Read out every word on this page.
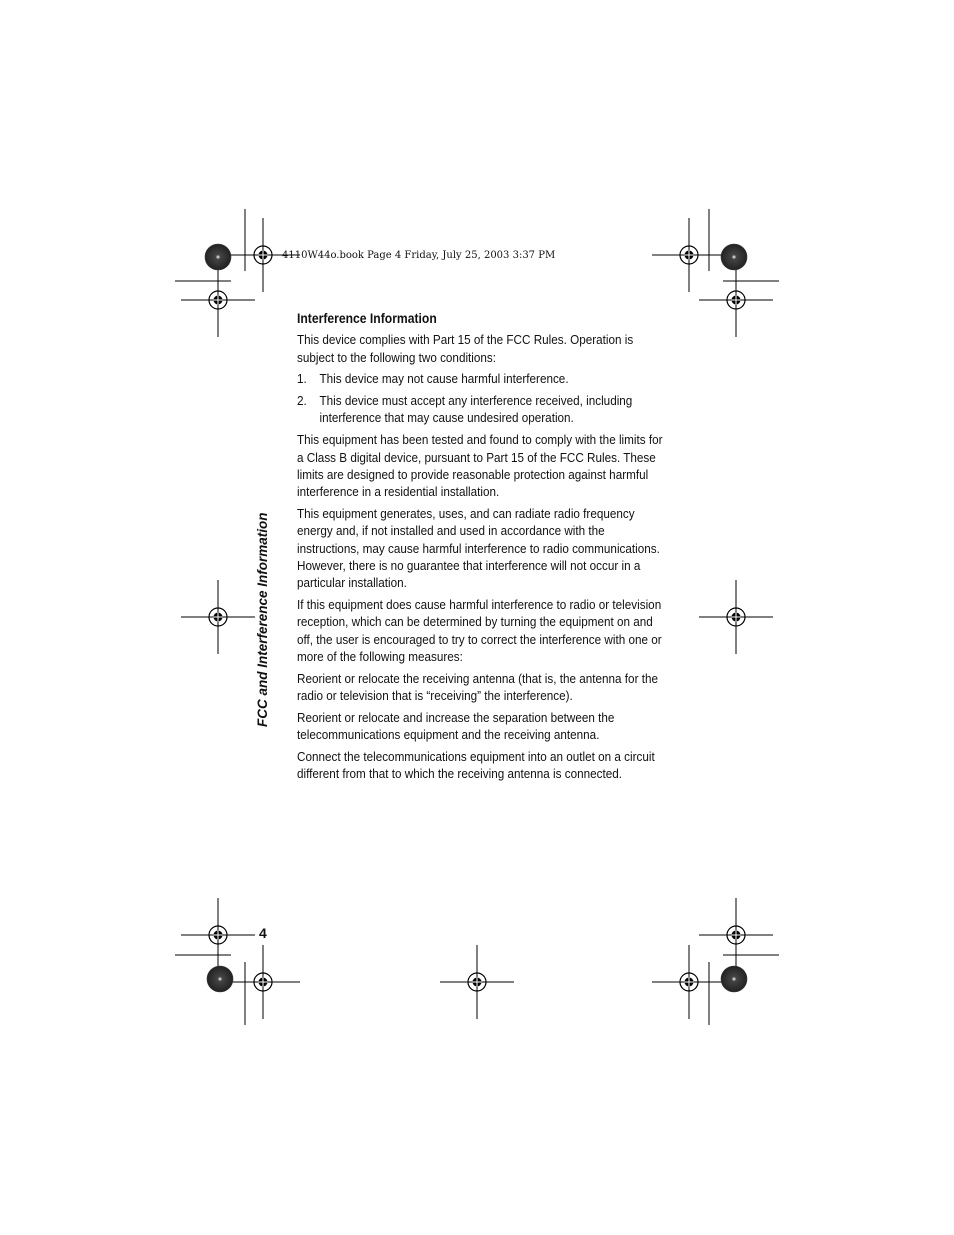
4110W44o.book Page 4 Friday, July 25, 2003 3:37 PM
FCC and Interference Information
Interference Information

This device complies with Part 15 of the FCC Rules. Operation is subject to the following two conditions:

1. This device may not cause harmful interference.
2. This device must accept any interference received, including interference that may cause undesired operation.

This equipment has been tested and found to comply with the limits for a Class B digital device, pursuant to Part 15 of the FCC Rules. These limits are designed to provide reasonable protection against harmful interference in a residential installation.

This equipment generates, uses, and can radiate radio frequency energy and, if not installed and used in accordance with the instructions, may cause harmful interference to radio communications. However, there is no guarantee that interference will not occur in a particular installation.

If this equipment does cause harmful interference to radio or television reception, which can be determined by turning the equipment on and off, the user is encouraged to try to correct the interference with one or more of the following measures:

Reorient or relocate the receiving antenna (that is, the antenna for the radio or television that is “receiving” the interference).

Reorient or relocate and increase the separation between the telecommunications equipment and the receiving antenna.

Connect the telecommunications equipment into an outlet on a circuit different from that to which the receiving antenna is connected.

4
